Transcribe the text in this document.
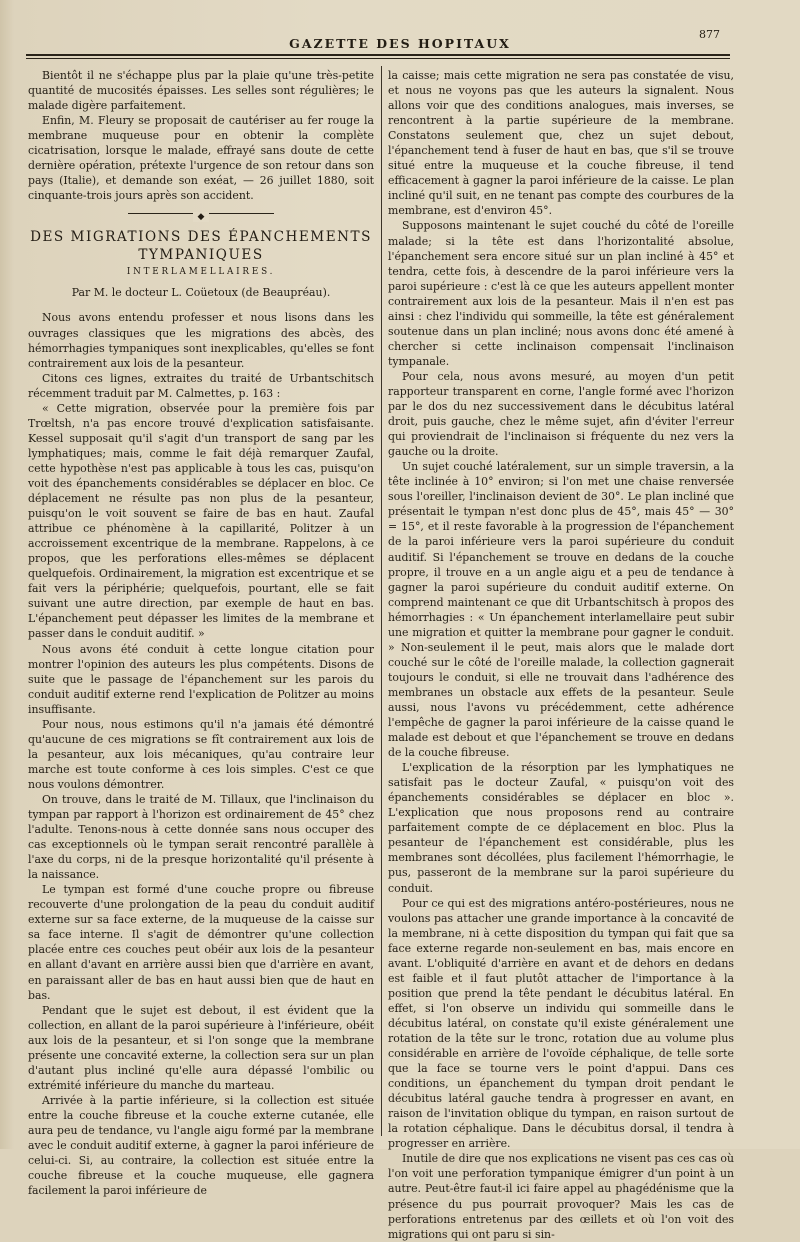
GAZETTE DES HOPITAUX
877

Bientôt il ne s'échappe plus par la plaie qu'une très-petite quantité de mucosités épaisses. Les selles sont régulières; le malade digère parfaitement.

Enfin, M. Fleury se proposait de cautériser au fer rouge la membrane muqueuse pour en obtenir la complète cicatrisation, lorsque le malade, effrayé sans doute de cette dernière opération, prétexte l'urgence de son retour dans son pays (Italie), et demande son exéat, — 26 juillet 1880, soit cinquante-trois jours après son accident.

◆
DES MIGRATIONS DES ÉPANCHEMENTS TYMPANIQUES
INTERLAMELLAIRES.
Par M. le docteur L. Coüetoux (de Beaupréau).

Nous avons entendu professer et nous lisons dans les ouvrages classiques que les migrations des abcès, des hémorrhagies tympaniques sont inexplicables, qu'elles se font contrairement aux lois de la pesanteur.

Citons ces lignes, extraites du traité de Urbantschitsch récemment traduit par M. Calmettes, p. 163 :

« Cette migration, observée pour la première fois par Trœltsh, n'a pas encore trouvé d'explication satisfaisante. Kessel supposait qu'il s'agit d'un transport de sang par les lymphatiques; mais, comme le fait déjà remarquer Zaufal, cette hypothèse n'est pas applicable à tous les cas, puisqu'on voit des épanchements considérables se déplacer en bloc. Ce déplacement ne résulte pas non plus de la pesanteur, puisqu'on le voit souvent se faire de bas en haut. Zaufal attribue ce phénomène à la capillarité, Politzer à un accroissement excentrique de la membrane. Rappelons, à ce propos, que les perforations elles-mêmes se déplacent quelquefois. Ordinairement, la migration est excentrique et se fait vers la périphérie; quelquefois, pourtant, elle se fait suivant une autre direction, par exemple de haut en bas. L'épanchement peut dépasser les limites de la membrane et passer dans le conduit auditif. »

Nous avons été conduit à cette longue citation pour montrer l'opinion des auteurs les plus compétents. Disons de suite que le passage de l'épanchement sur les parois du conduit auditif externe rend l'explication de Politzer au moins insuffisante.

Pour nous, nous estimons qu'il n'a jamais été démontré qu'aucune de ces migrations se fît contrairement aux lois de la pesanteur, aux lois mécaniques, qu'au contraire leur marche est toute conforme à ces lois simples. C'est ce que nous voulons démontrer.

On trouve, dans le traité de M. Tillaux, que l'inclinaison du tympan par rapport à l'horizon est ordinairement de 45° chez l'adulte. Tenons-nous à cette donnée sans nous occuper des cas exceptionnels où le tympan serait rencontré parallèle à l'axe du corps, ni de la presque horizontalité qu'il présente à la naissance.

Le tympan est formé d'une couche propre ou fibreuse recouverte d'une prolongation de la peau du conduit auditif externe sur sa face externe, de la muqueuse de la caisse sur sa face interne. Il s'agit de démontrer qu'une collection placée entre ces couches peut obéir aux lois de la pesanteur en allant d'avant en arrière aussi bien que d'arrière en avant, en paraissant aller de bas en haut aussi bien que de haut en bas.

Pendant que le sujet est debout, il est évident que la collection, en allant de la paroi supérieure à l'inférieure, obéit aux lois de la pesanteur, et si l'on songe que la membrane présente une concavité externe, la collection sera sur un plan d'autant plus incliné qu'elle aura dépassé l'ombilic ou extrémité inférieure du manche du marteau.

Arrivée à la partie inférieure, si la collection est située entre la couche fibreuse et la couche externe cutanée, elle aura peu de tendance, vu l'angle aigu formé par la membrane avec le conduit auditif externe, à gagner la paroi inférieure de celui-ci. Si, au contraire, la collection est située entre la couche fibreuse et la couche muqueuse, elle gagnera facilement la paroi inférieure de

la caisse; mais cette migration ne sera pas constatée de visu, et nous ne voyons pas que les auteurs la signalent. Nous allons voir que des conditions analogues, mais inverses, se rencontrent à la partie supérieure de la membrane. Constatons seulement que, chez un sujet debout, l'épanchement tend à fuser de haut en bas, que s'il se trouve situé entre la muqueuse et la couche fibreuse, il tend efficacement à gagner la paroi inférieure de la caisse. Le plan incliné qu'il suit, en ne tenant pas compte des courbures de la membrane, est d'environ 45°.

Supposons maintenant le sujet couché du côté de l'oreille malade; si la tête est dans l'horizontalité absolue, l'épanchement sera encore situé sur un plan incliné à 45° et tendra, cette fois, à descendre de la paroi inférieure vers la paroi supérieure : c'est là ce que les auteurs appellent monter contrairement aux lois de la pesanteur. Mais il n'en est pas ainsi : chez l'individu qui sommeille, la tête est généralement soutenue dans un plan incliné; nous avons donc été amené à chercher si cette inclinaison compensait l'inclinaison tympanale.

Pour cela, nous avons mesuré, au moyen d'un petit rapporteur transparent en corne, l'angle formé avec l'horizon par le dos du nez successivement dans le décubitus latéral droit, puis gauche, chez le même sujet, afin d'éviter l'erreur qui proviendrait de l'inclinaison si fréquente du nez vers la gauche ou la droite.

Un sujet couché latéralement, sur un simple traversin, a la tête inclinée à 10° environ; si l'on met une chaise renversée sous l'oreiller, l'inclinaison devient de 30°. Le plan incliné que présentait le tympan n'est donc plus de 45°, mais 45° — 30° = 15°, et il reste favorable à la progression de l'épanchement de la paroi inférieure vers la paroi supérieure du conduit auditif. Si l'épanchement se trouve en dedans de la couche propre, il trouve en a un angle aigu et a peu de tendance à gagner la paroi supérieure du conduit auditif externe. On comprend maintenant ce que dit Urbantschitsch à propos des hémorrhagies : « Un épanchement interlamellaire peut subir une migration et quitter la membrane pour gagner le conduit. » Non-seulement il le peut, mais alors que le malade dort couché sur le côté de l'oreille malade, la collection gagnerait toujours le conduit, si elle ne trouvait dans l'adhérence des membranes un obstacle aux effets de la pesanteur. Seule aussi, nous l'avons vu précédemment, cette adhérence l'empêche de gagner la paroi inférieure de la caisse quand le malade est debout et que l'épanchement se trouve en dedans de la couche fibreuse.

L'explication de la résorption par les lymphatiques ne satisfait pas le docteur Zaufal, « puisqu'on voit des épanchements considérables se déplacer en bloc ». L'explication que nous proposons rend au contraire parfaitement compte de ce déplacement en bloc. Plus la pesanteur de l'épanchement est considérable, plus les membranes sont décollées, plus facilement l'hémorrhagie, le pus, passeront de la membrane sur la paroi supérieure du conduit.

Pour ce qui est des migrations antéro-postérieures, nous ne voulons pas attacher une grande importance à la concavité de la membrane, ni à cette disposition du tympan qui fait que sa face externe regarde non-seulement en bas, mais encore en avant. L'obliquité d'arrière en avant et de dehors en dedans est faible et il faut plutôt attacher de l'importance à la position que prend la tête pendant le décubitus latéral. En effet, si l'on observe un individu qui sommeille dans le décubitus latéral, on constate qu'il existe généralement une rotation de la tête sur le tronc, rotation due au volume plus considérable en arrière de l'ovoïde céphalique, de telle sorte que la face se tourne vers le point d'appui. Dans ces conditions, un épanchement du tympan droit pendant le décubitus latéral gauche tendra à progresser en avant, en raison de l'invitation oblique du tympan, en raison surtout de la rotation céphalique. Dans le décubitus dorsal, il tendra à progresser en arrière.

Inutile de dire que nos explications ne visent pas ces cas où l'on voit une perforation tympanique émigrer d'un point à un autre. Peut-être faut-il ici faire appel au phagédénisme que la présence du pus pourrait provoquer? Mais les cas de perforations entretenus par des œillets et où l'on voit des migrations qui ont paru si sin-
